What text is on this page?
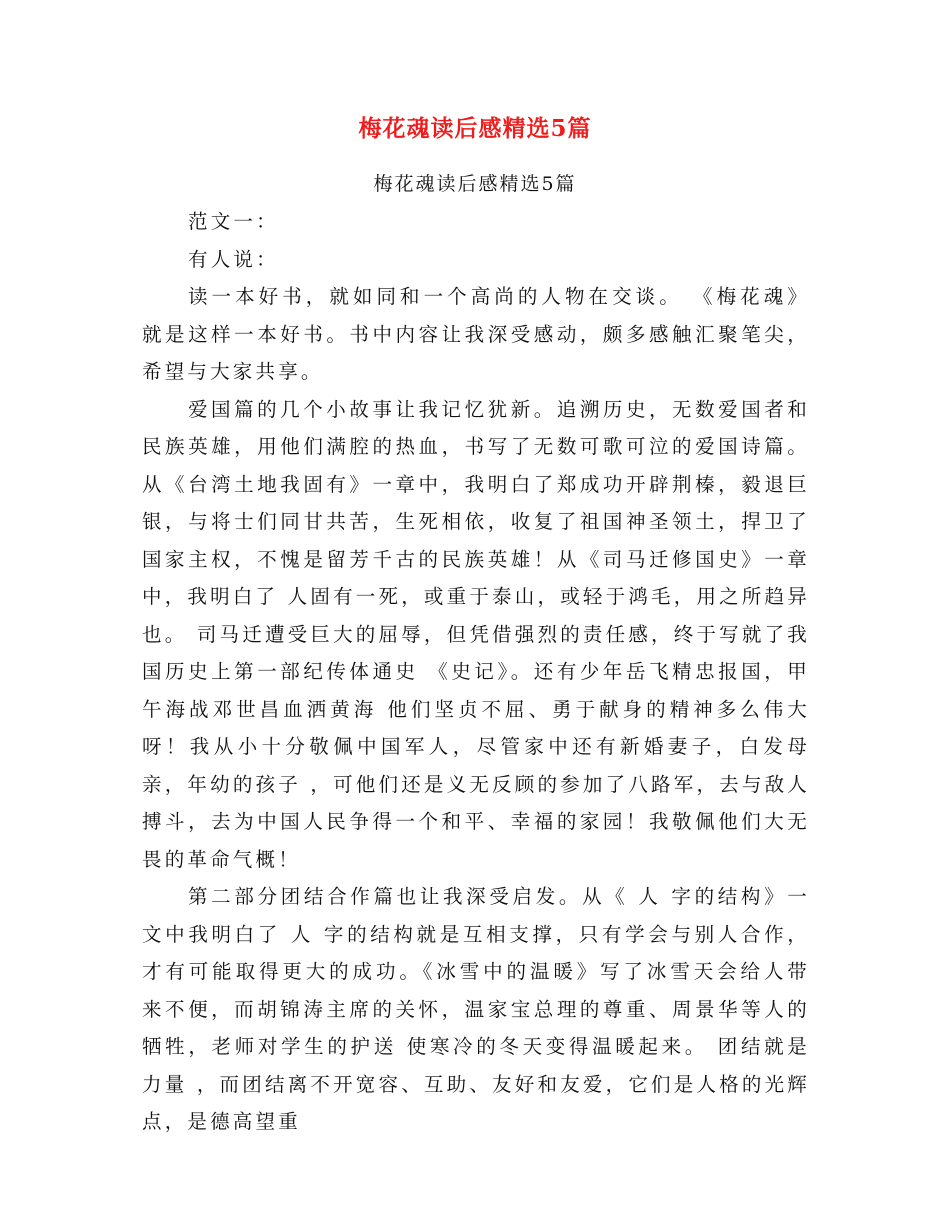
梅花魂读后感精选5篇
梅花魂读后感精选5篇

范文一：

有人说：

读一本好书，就如同和一个高尚的人物在交谈。 《梅花魂》就是这样一本好书。书中内容让我深受感动，颇多感触汇聚笔尖，希望与大家共享。

爱国篇的几个小故事让我记忆犹新。追溯历史，无数爱国者和民族英雄，用他们满腔的热血，书写了无数可歌可泣的爱国诗篇。从《台湾土地我固有》一章中，我明白了郑成功开辟荆榛，毅退巨银，与将士们同甘共苦，生死相依，收复了祖国神圣领土，捍卫了国家主权，不愧是留芳千古的民族英雄！从《司马迁修国史》一章中，我明白了 人固有一死，或重于泰山，或轻于鸿毛，用之所趋异也。 司马迁遭受巨大的屈辱，但凭借强烈的责任感，终于写就了我国历史上第一部纪传体通史 《史记》。还有少年岳飞精忠报国，甲午海战邓世昌血洒黄海 他们坚贞不屈、勇于献身的精神多么伟大呀！我从小十分敬佩中国军人，尽管家中还有新婚妻子，白发母亲，年幼的孩子 ，可他们还是义无反顾的参加了八路军，去与敌人搏斗，去为中国人民争得一个和平、幸福的家园！我敬佩他们大无畏的革命气概！

第二部分团结合作篇也让我深受启发。从《 人 字的结构》一文中我明白了 人 字的结构就是互相支撑，只有学会与别人合作，才有可能取得更大的成功。《冰雪中的温暖》写了冰雪天会给人带来不便，而胡锦涛主席的关怀，温家宝总理的尊重、周景华等人的牺牲，老师对学生的护送 使寒冷的冬天变得温暖起来。 团结就是力量 ，而团结离不开宽容、互助、友好和友爱，它们是人格的光辉点，是德高望重
